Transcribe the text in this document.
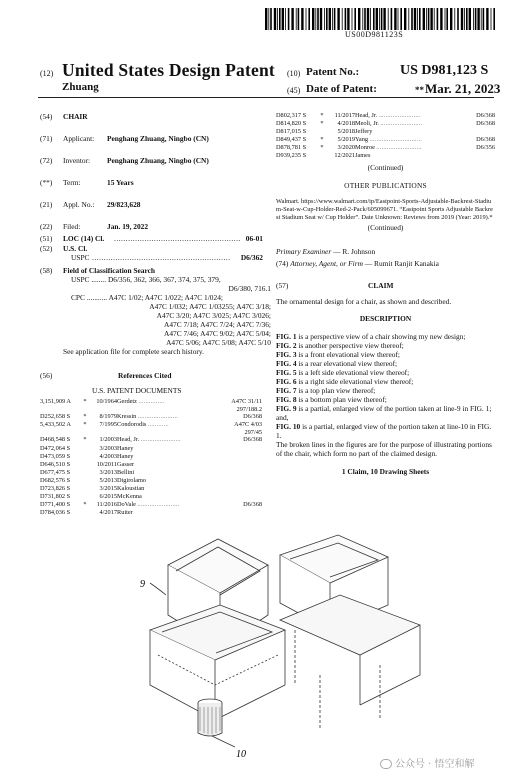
US00D981123S
(12) United States Design Patent
Zhuang
(10) Patent No.:	US D981,123 S
(45) Date of Patent:	** Mar. 21, 2023
(54)	CHAIR
(71)	Applicant: Penghang Zhuang, Ningbo (CN)
(72)	Inventor: Penghang Zhuang, Ningbo (CN)
(**)	Term:	15 Years
(21)	Appl. No.: 29/823,628
(22)	Filed:	Jan. 19, 2022
(51)	LOC (14) Cl. ...................................................... 06-01
(52)	U.S. Cl.
USPC ........................................................... D6/362
(58)	Field of Classification Search
USPC ........ D6/356, 362, 366, 367, 374, 375, 379,
D6/380, 716.1
CPC ........... A47C 1/02; A47C 1/022; A47C 1/024;
A47C 1/032; A47C 1/03255; A47C 3/18;
A47C 3/20; A47C 3/025; A47C 3/026;
A47C 7/18; A47C 7/24; A47C 7/36;
A47C 7/46; A47C 9/02; A47C 5/04;
A47C 5/06; A47C 5/08; A47C 5/10
See application file for complete search history.
(56)	References Cited
U.S. PATENT DOCUMENTS
3,151,909 A	*	10/1964	Gerdetz ...............	A47C 31/11
				297/188.2
D252,658 S	*	8/1979	Kressin .......................	D6/368
5,433,502 A	*	7/1995	Condorodis ............	A47C 4/03
				297/45
D468,548 S	*	1/2003	Head, Jr. .......................	D6/368
D472,064 S		3/2003	Haney	
D473,059 S		4/2003	Haney	
D646,510 S		10/2011	Gasser	
D677,475 S		3/2013	Bellini	
D682,576 S		5/2013	Digirolamo	
D723,826 S		3/2015	Kaloustian	
D731,802 S		6/2015	McKenna	
D771,400 S	*	11/2016	DoVale ........................	D6/368
D784,036 S		4/2017	Ruiter	
D802,317 S	*	11/2017	Head, Jr. ........................	D6/368
D814,820 S	*	4/2018	Meoli, Jr. ........................	D6/368
D817,015 S		5/2018	Jeffery	
D849,437 S	*	5/2019	Yang ..............................	D6/368
D878,781 S	*	3/2020	Monroe ..........................	D6/356
D939,235 S		12/2021	James	
(Continued)
OTHER PUBLICATIONS
Walmart. https://www.walmart.com/ip/Eastpoint-Sports-Adjustable-Backrest-Stadium-Seat-w-Cup-Holder-Red-2-Pack/605099671. “Eastpoint Sports Adjustable Backrest Stadium Seat w/ Cup Holder”. Date Unknown: Reviews from 2019 (Year: 2019).*
(Continued)
Primary Examiner — R. Johnson
(74) Attorney, Agent, or Firm — Rumit Ranjit Kanakia
(57)	CLAIM
The ornamental design for a chair, as shown and described.
DESCRIPTION
FIG. 1 is a perspective view of a chair showing my new design;
FIG. 2 is another perspective view thereof;
FIG. 3 is a front elevational view thereof;
FIG. 4 is a rear elevational view thereof;
FIG. 5 is a left side elevational view thereof;
FIG. 6 is a right side elevational view thereof;
FIG. 7 is a top plan view thereof;
FIG. 8 is a bottom plan view thereof;
FIG. 9 is a partial, enlarged view of the portion taken at line-9 in FIG. 1; and,
FIG. 10 is a partial, enlarged view of the portion taken at line-10 in FIG. 1.
The broken lines in the figures are for the purpose of illustrating portions of the chair, which form no part of the claimed design.
1 Claim, 10 Drawing Sheets
9
10
公众号 · 悟空和解
